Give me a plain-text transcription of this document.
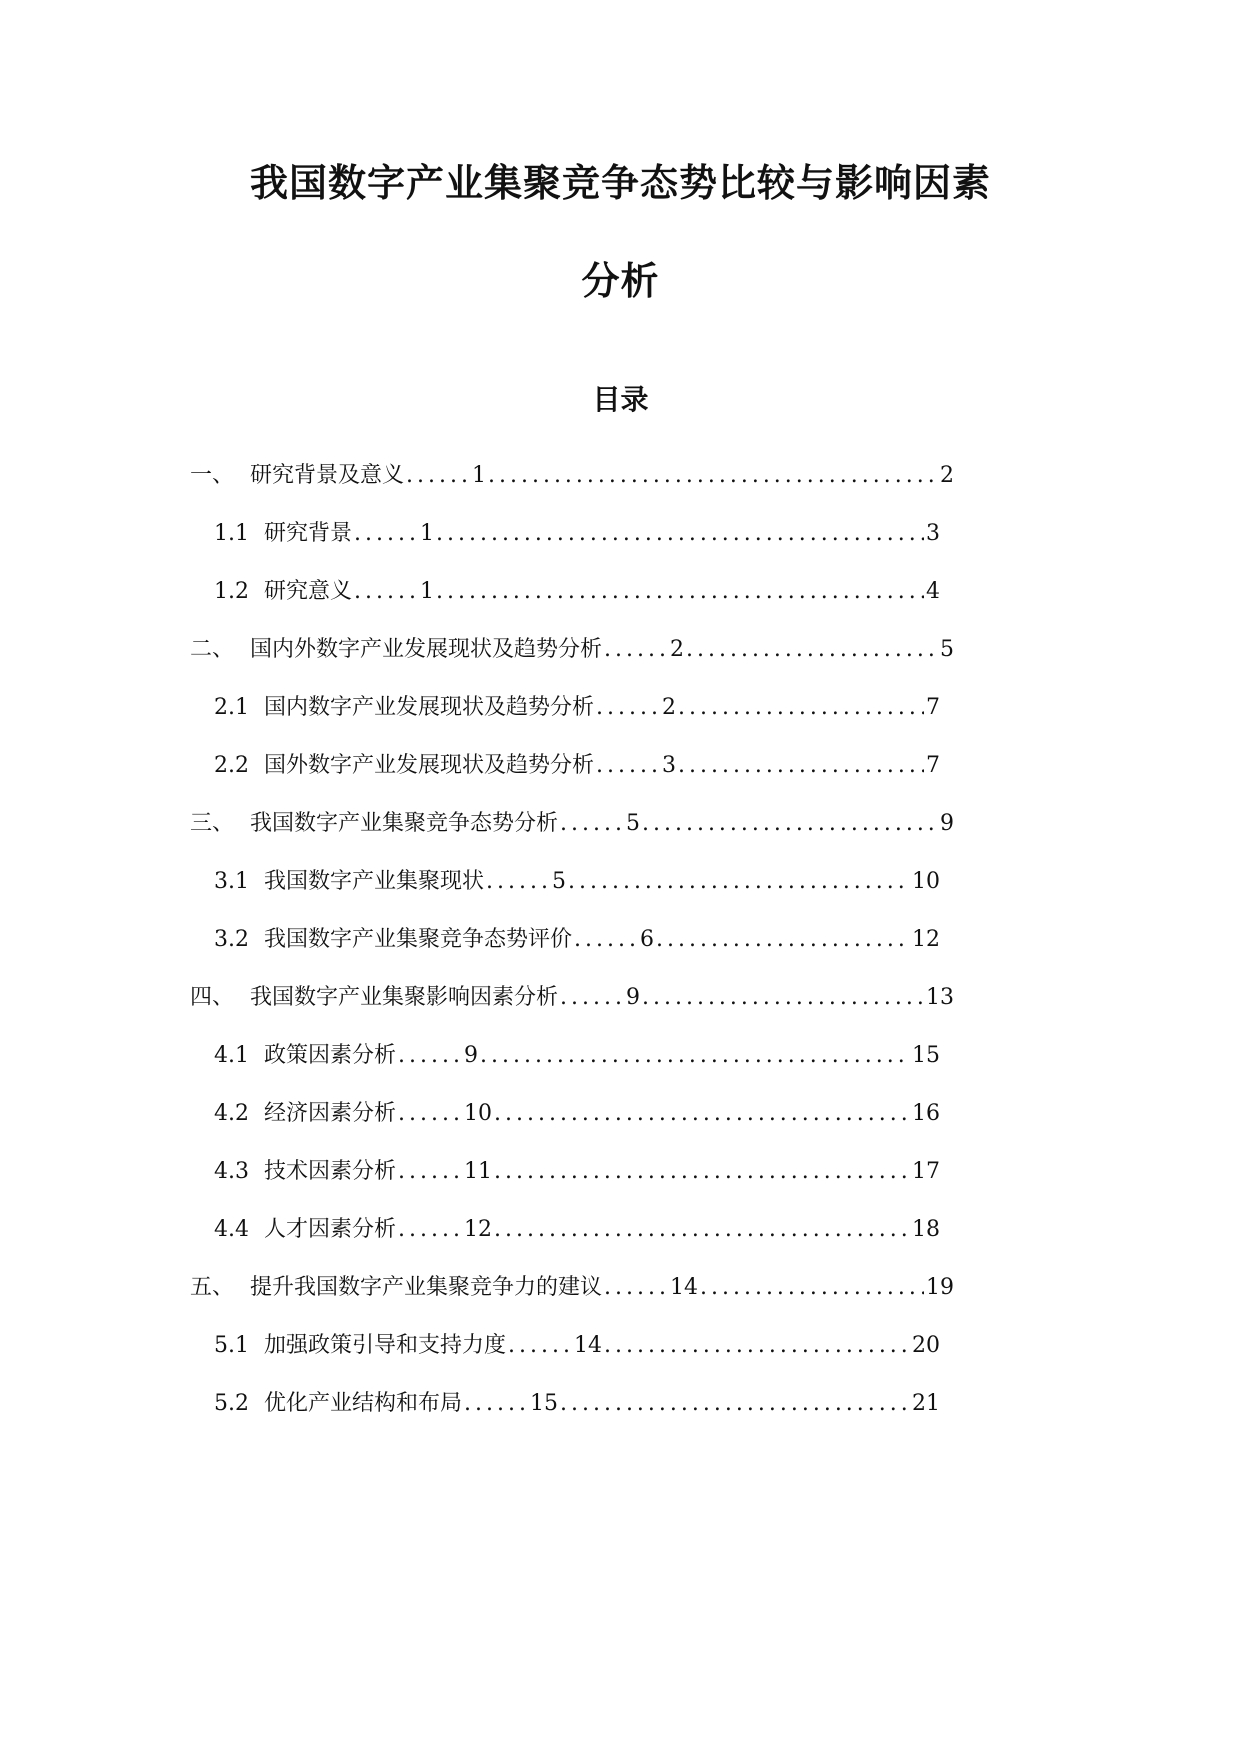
我国数字产业集聚竞争态势比较与影响因素
分析
目录
一、 研究背景及意义 ...... 1 .....	2
1.1 研究背景 ...... 1 .....	3
1.2 研究意义 ...... 1 .....	4
二、 国内外数字产业发展现状及趋势分析 ...... 2 .....	5
2.1 国内数字产业发展现状及趋势分析 ...... 2 .....	7
2.2 国外数字产业发展现状及趋势分析 ...... 3 .....	7
三、 我国数字产业集聚竞争态势分析 ...... 5 .....	9
3.1 我国数字产业集聚现状 ...... 5 .....	10
3.2 我国数字产业集聚竞争态势评价 ...... 6 .....	12
四、 我国数字产业集聚影响因素分析 ...... 9 .....	13
4.1 政策因素分析 ...... 9 .....	15
4.2 经济因素分析 ...... 10 .....	16
4.3 技术因素分析 ...... 11 .....	17
4.4 人才因素分析 ...... 12 .....	18
五、 提升我国数字产业集聚竞争力的建议 ...... 14 .....	19
5.1 加强政策引导和支持力度 ...... 14 .....	20
5.2 优化产业结构和布局 ...... 15 .....	21
